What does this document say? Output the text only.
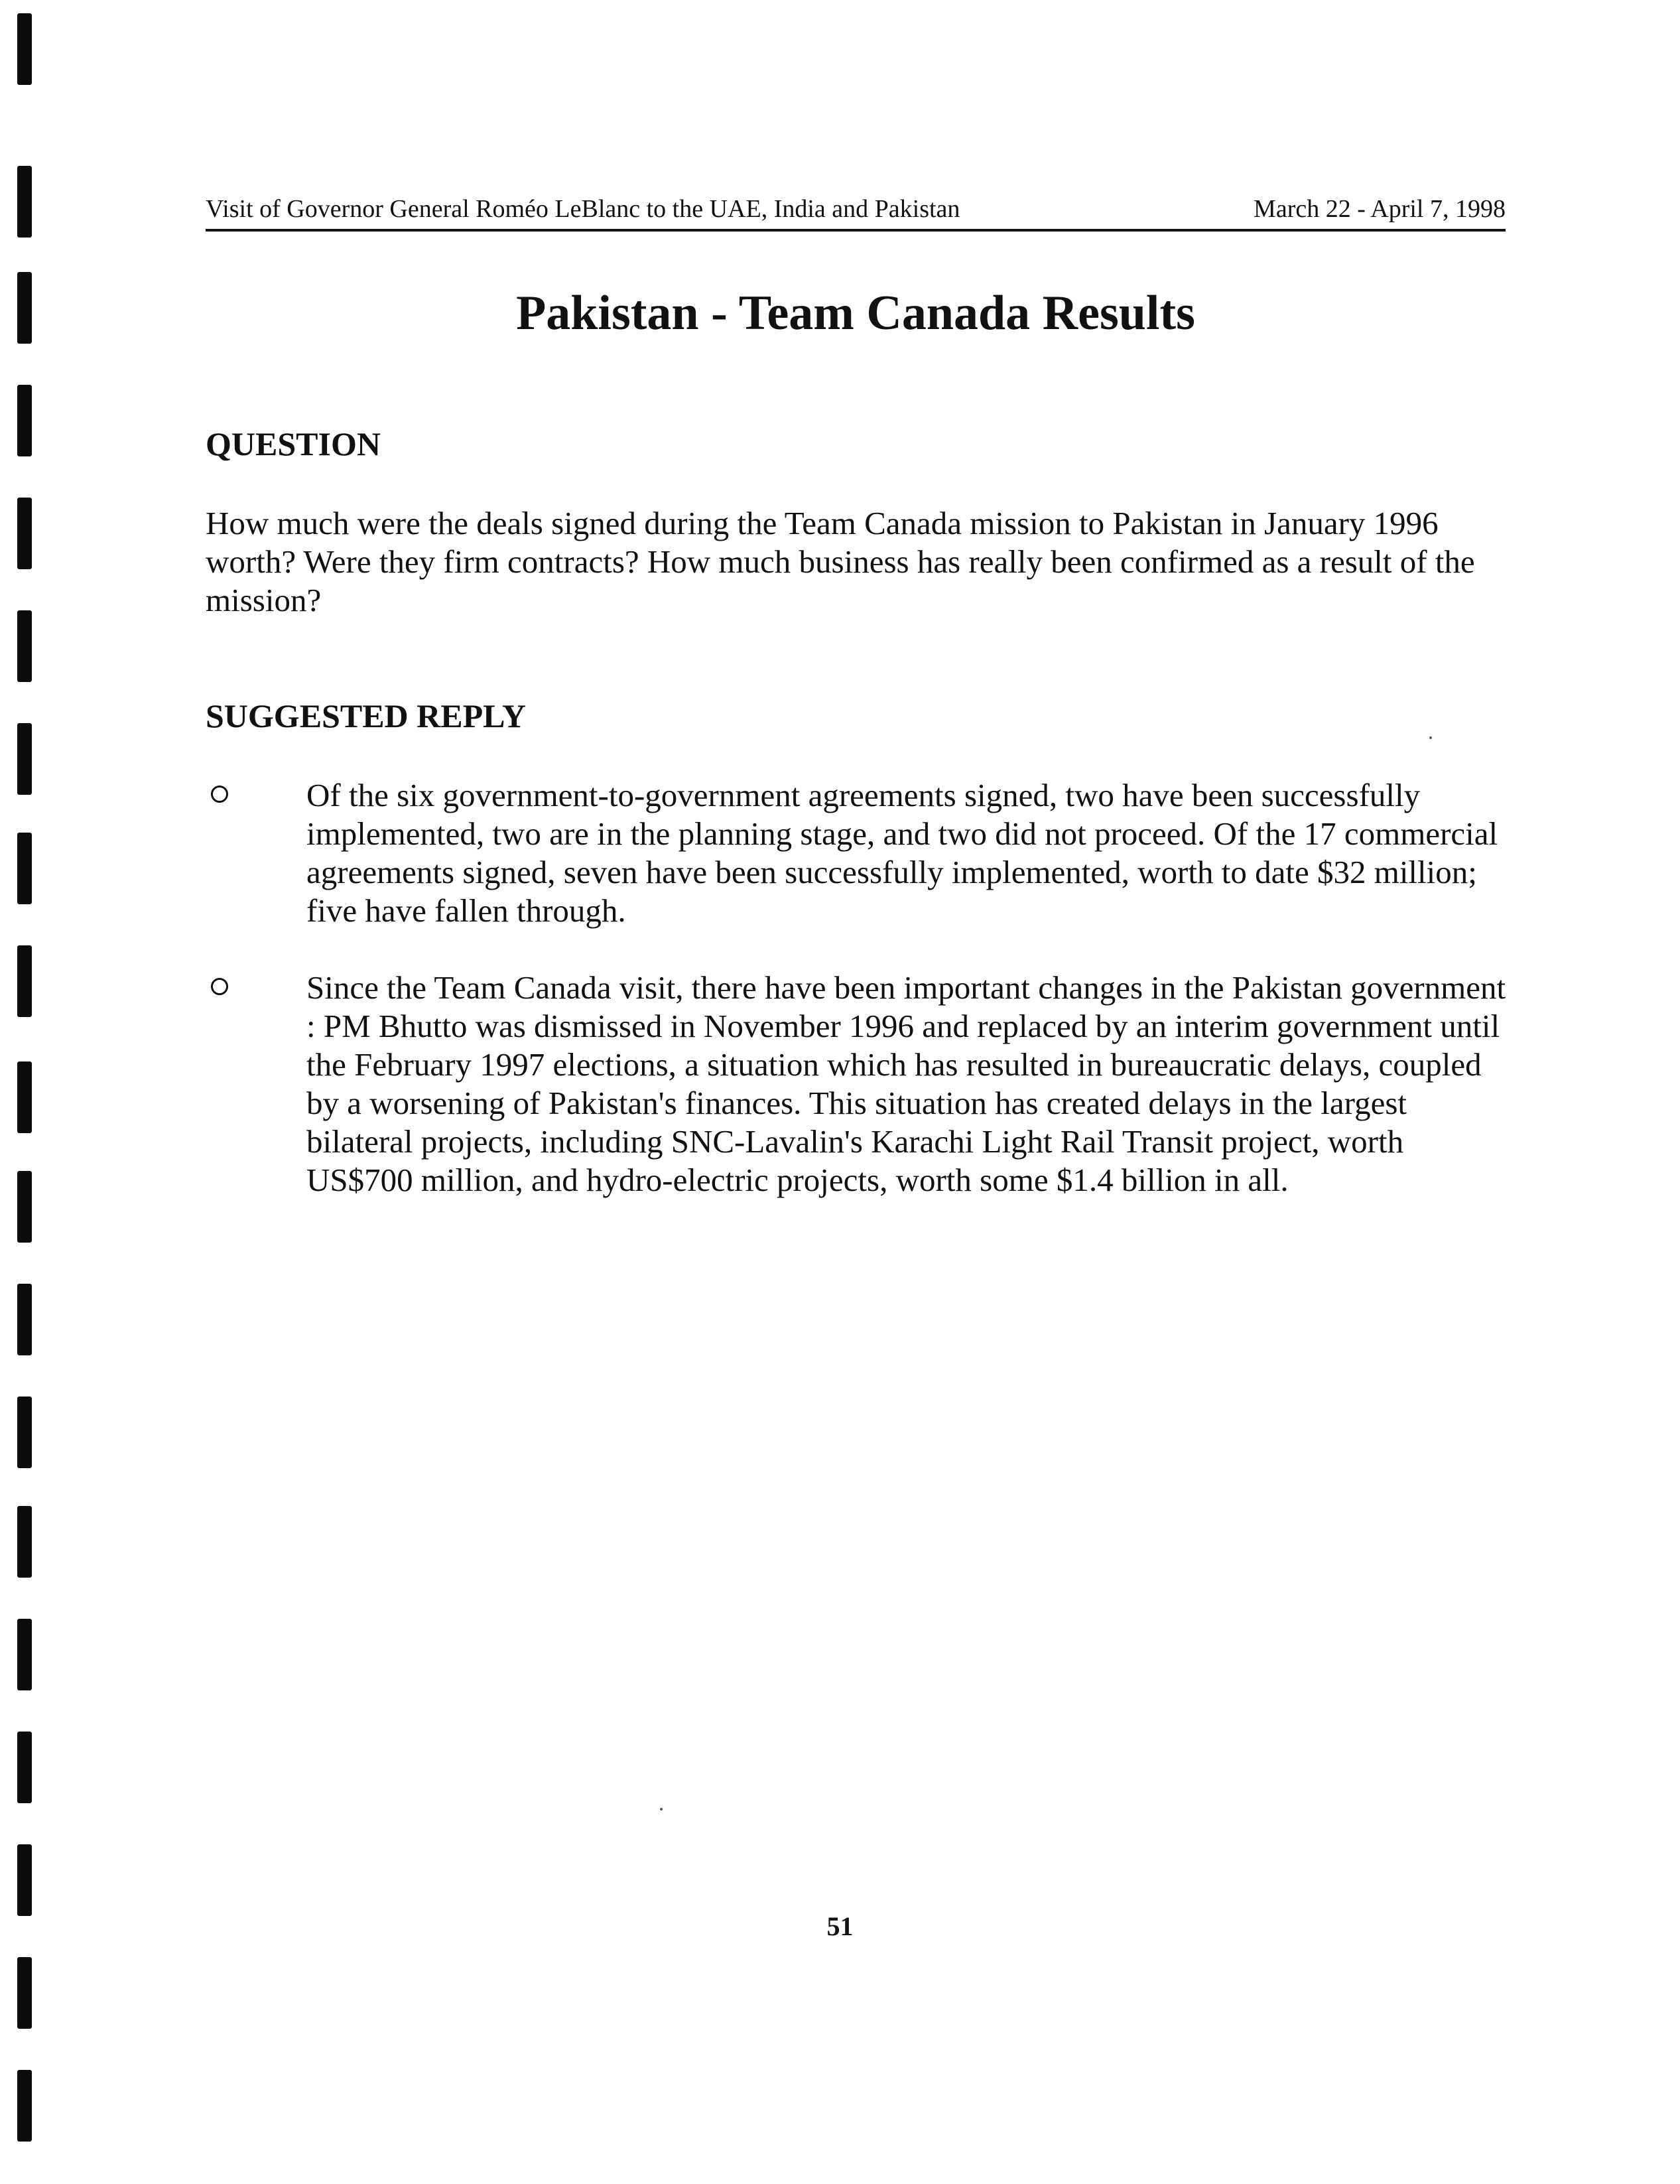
Visit of Governor General Roméo LeBlanc to the UAE, India and Pakistan	March 22 - April 7, 1998
Pakistan - Team Canada Results
QUESTION

How much were the deals signed during the Team Canada mission to Pakistan in January 1996 worth? Were they firm contracts? How much business has really been confirmed as a result of the mission?

SUGGESTED REPLY

Of the six government-to-government agreements signed, two have been successfully implemented, two are in the planning stage, and two did not proceed. Of the 17 commercial agreements signed, seven have been successfully implemented, worth to date $32 million; five have fallen through.

Since the Team Canada visit, there have been important changes in the Pakistan government : PM Bhutto was dismissed in November 1996 and replaced by an interim government until the February 1997 elections, a situation which has resulted in bureaucratic delays, coupled by a worsening of Pakistan's finances. This situation has created delays in the largest bilateral projects, including SNC-Lavalin's Karachi Light Rail Transit project, worth US$700 million, and hydro-electric projects, worth some $1.4 billion in all.

51
